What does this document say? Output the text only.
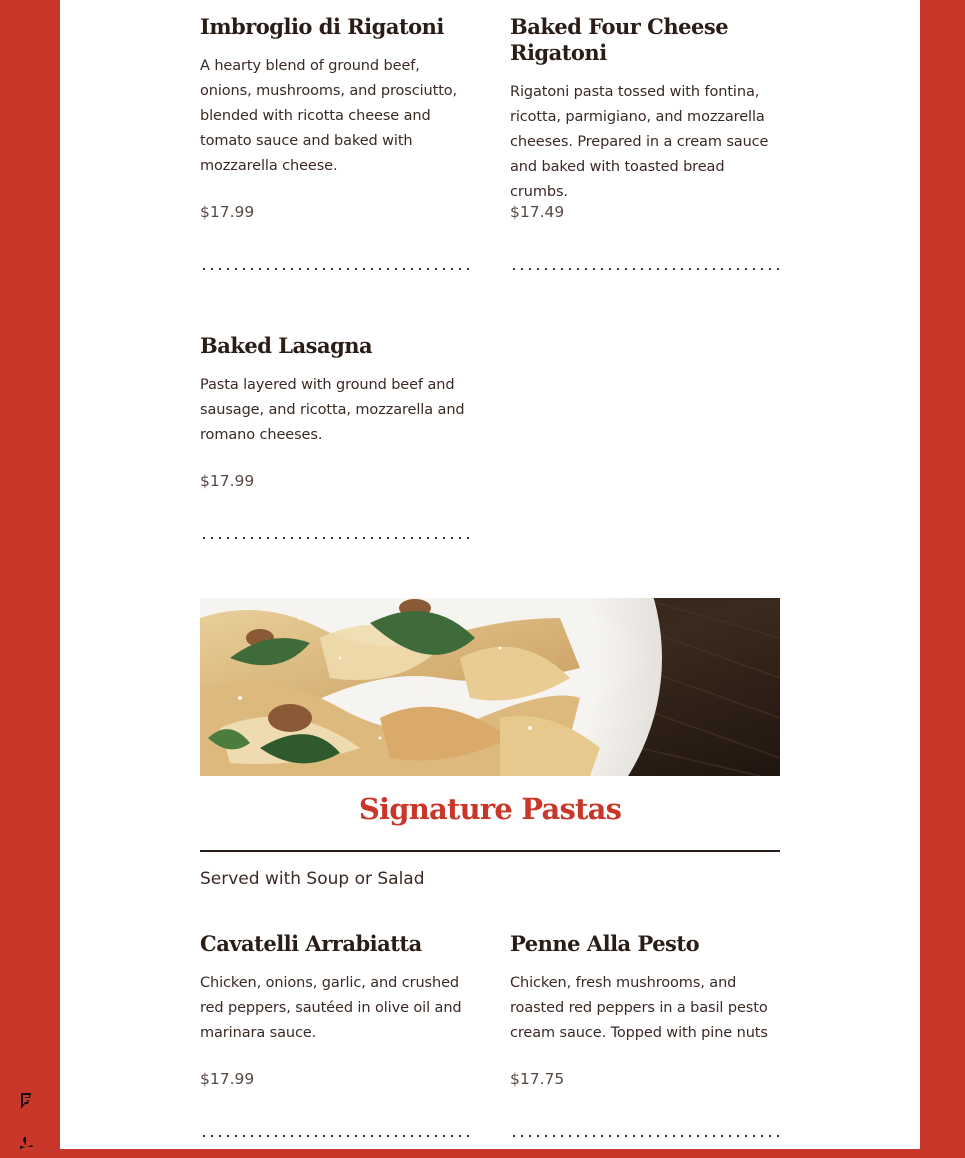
Imbroglio di Rigatoni

A hearty blend of ground beef, onions, mushrooms, and prosciutto, blended with ricotta cheese and tomato sauce and baked with mozzarella cheese.

$17.99

Baked Four Cheese Rigatoni

Rigatoni pasta tossed with fontina, ricotta, parmigiano, and mozzarella cheeses. Prepared in a cream sauce and baked with toasted bread crumbs.

$17.49

Baked Lasagna

Pasta layered with ground beef and sausage, and ricotta, mozzarella and romano cheeses.

$17.99

Signature Pastas

Served with Soup or Salad

Cavatelli Arrabiatta

Chicken, onions, garlic, and crushed red peppers, sautéed in olive oil and marinara sauce.

$17.99

Penne Alla Pesto

Chicken, fresh mushrooms, and roasted red peppers in a basil pesto cream sauce. Topped with pine nuts

$17.75
